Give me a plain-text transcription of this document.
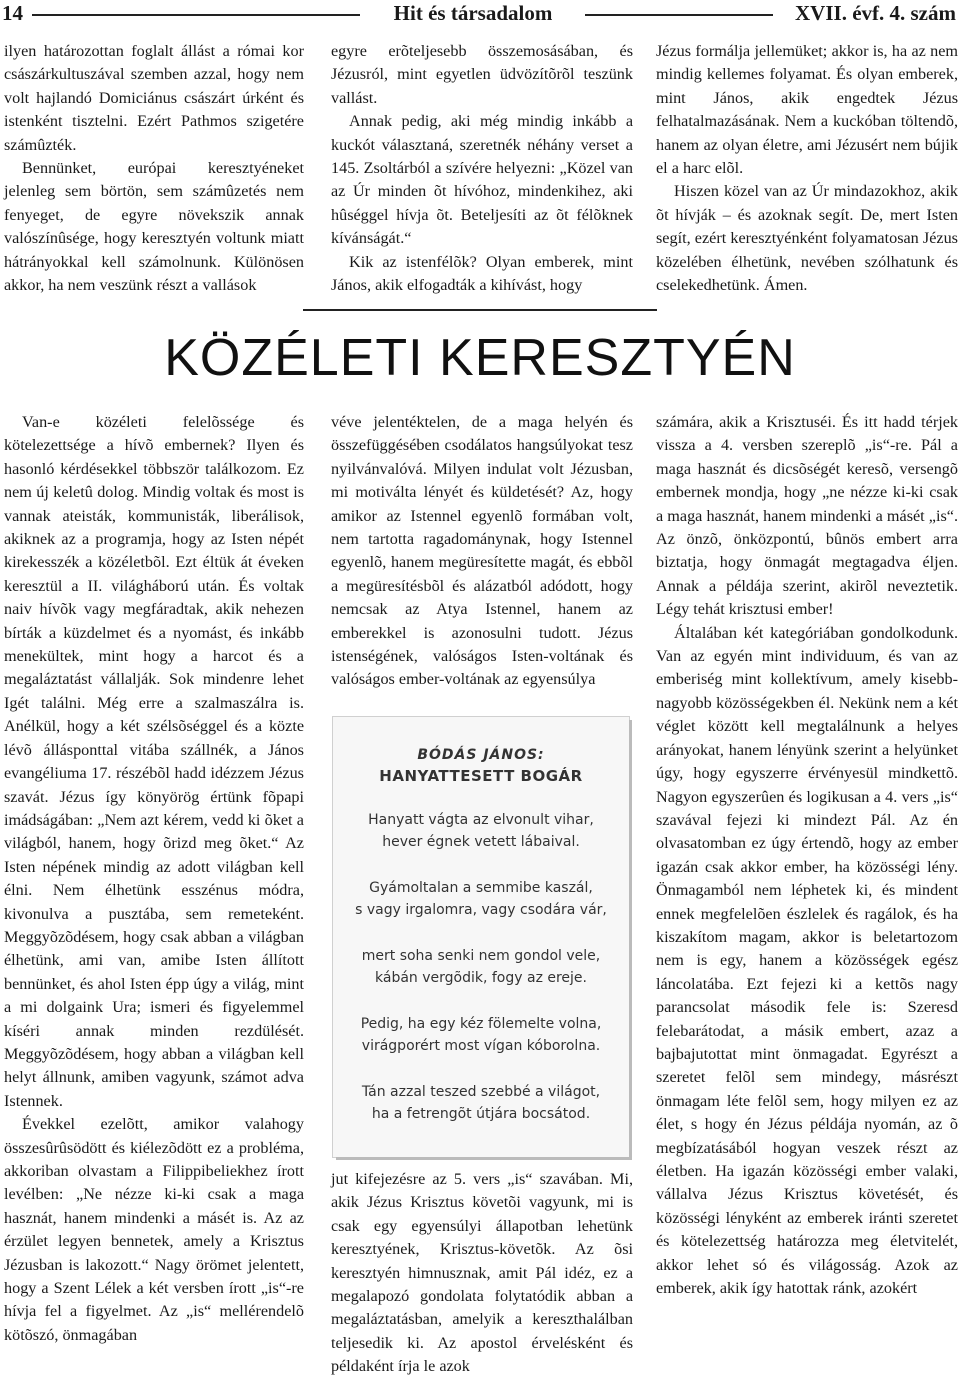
14	Hit és társadalom	XVII. évf. 4. szám

ilyen határozottan foglalt állást a római kor császárkultuszával szemben azzal, hogy nem volt hajlandó Domiciánus császárt úrként és istenként tisztelni. Ezért Pathmos szigetére számûzték.

Bennünket, európai keresztyéneket jelenleg sem börtön, sem számûzetés nem fenyeget, de egyre növekszik annak valószínûsége, hogy keresztyén voltunk miatt hátrányokkal kell számolnunk. Különösen akkor, ha nem veszünk részt a vallások

egyre erõteljesebb összemosásában, és Jézusról, mint egyetlen üdvözítõrõl teszünk vallást.

Annak pedig, aki még mindig inkább a kuckót választaná, szeretnék néhány verset a 145. Zsoltárból a szívére helyezni: „Közel van az Úr minden õt hívóhoz, mindenkihez, aki hûséggel hívja õt. Beteljesíti az õt félõknek kívánságát.“

Kik az istenfélõk? Olyan emberek, mint János, akik elfogadták a kihívást, hogy

Jézus formálja jellemüket; akkor is, ha az nem mindig kellemes folyamat. És olyan emberek, mint János, akik engedtek Jézus felhatalmazásának. Nem a kuckóban töltendõ, hanem az olyan életre, ami Jézusért nem bújik el a harc elõl.

Hiszen közel van az Úr mindazokhoz, akik õt hívják – és azoknak segít. De, mert Isten segít, ezért keresztyénként folyamatosan Jézus közelében élhetünk, nevében szólhatunk és cselekedhetünk. Ámen.

KÖZÉLETI KERESZTYÉN

Van-e közéleti felelõssége és kötelezettsége a hívõ embernek? Ilyen és hasonló kérdésekkel többször találkozom. Ez nem új keletû dolog. Mindig voltak és most is vannak ateisták, kommunisták, liberálisok, akiknek az a programja, hogy az Isten népét kirekesszék a közéletbõl. Ezt éltük át éveken keresztül a II. világháború után. És voltak naiv hívõk vagy megfáradtak, akik nehezen bírták a küzdelmet és a nyomást, és inkább menekültek, mint hogy a harcot és a megaláztatást vállalják. Sok mindenre lehet Igét találni. Még erre a szalmaszálra is. Anélkül, hogy a két szélsõséggel és a közte lévõ állásponttal vitába szállnék, a János evangéliuma 17. részébõl hadd idézzem Jézus szavát. Jézus így könyörög értünk fõpapi imádságában: „Nem azt kérem, vedd ki õket a világból, hanem, hogy õrizd meg õket.“ Az Isten népének mindig az adott világban kell élni. Nem élhetünk esszénus módra, kivonulva a pusztába, sem remeteként. Meggyõzõdésem, hogy csak abban a világban élhetünk, ami van, amibe Isten állított bennünket, és ahol Isten épp úgy a világ, mint a mi dolgaink Ura; ismeri és figyelemmel kíséri annak minden rezdülését. Meggyõzõdésem, hogy abban a világban kell helyt állnunk, amiben vagyunk, számot adva Istennek.

Évekkel ezelõtt, amikor valahogy összesûrûsödött és kiélezõdött ez a probléma, akkoriban olvastam a Filippibeliekhez írott levélben: „Ne nézze ki-ki csak a maga hasznát, hanem mindenki a másét is. Az az érzület legyen bennetek, amely a Krisztus Jézusban is lakozott.“ Nagy örömet jelentett, hogy a Szent Lélek a két versben írott „is“-re hívja fel a figyelmet. Az „is“ mellérendelõ kötõszó, önmagában

véve jelentéktelen, de a maga helyén és összefüggésében csodálatos hangsúlyokat tesz nyilvánvalóvá. Milyen indulat volt Jézusban, mi motiválta lényét és küldetését? Az, hogy amikor az Istennel egyenlõ formában volt, nem tartotta ragadománynak, hogy Istennel egyenlõ, hanem megüresítette magát, és ebbõl a megüresítésbõl és alázatból adódott, hogy nemcsak az Atya Istennel, hanem az emberekkel is azonosulni tudott. Jézus istenségének, valóságos Isten-voltának és valóságos ember-voltának az egyensúlya

BÓDÁS JÁNOS:
HANYATTESETT BOGÁR
Hanyatt vágta az elvonult vihar,
hever égnek vetett lábaival.
Gyámoltalan a semmibe kaszál,
s vagy irgalomra, vagy csodára vár,
mert soha senki nem gondol vele,
kábán vergõdik, fogy az ereje.
Pedig, ha egy kéz fölemelte volna,
virágporért most vígan kóborolna.
Tán azzal teszed szebbé a világot,
ha a fetrengõt útjára bocsátod.

jut kifejezésre az 5. vers „is“ szavában. Mi, akik Jézus Krisztus követõi vagyunk, mi is csak egy egyensúlyi állapotban lehetünk keresztyének, Krisztus-követõk. Az õsi keresztyén himnusznak, amit Pál idéz, ez a megalapozó gondolata folytatódik abban a megaláztatásban, amelyik a kereszthalálban teljesedik ki. Az apostol érvelésként és példaként írja le azok

számára, akik a Krisztuséi. És itt hadd térjek vissza a 4. versben szereplõ „is“-re. Pál a maga hasznát és dicsõségét keresõ, versengõ embernek mondja, hogy „ne nézze ki-ki csak a maga hasznát, hanem mindenki a másét „is“. Az önzõ, önközpontú, bûnös embert arra biztatja, hogy önmagát megtagadva éljen. Annak a példája szerint, akirõl neveztetik. Légy tehát krisztusi ember!

Általában két kategóriában gondolkodunk. Van az egyén mint individuum, és van az emberiség mint kollektívum, amely kisebb-nagyobb közösségekben él. Nekünk nem a két véglet között kell megtalálnunk a helyes arányokat, hanem lényünk szerint a helyünket úgy, hogy egyszerre érvényesül mindkettõ. Nagyon egyszerûen és logikusan a 4. vers „is“ szavával fejezi ki mindezt Pál. Az én olvasatomban ez úgy értendõ, hogy az ember igazán csak akkor ember, ha közösségi lény. Önmagamból nem léphetek ki, és mindent ennek megfelelõen észlelek és ragálok, és ha kiszakítom magam, akkor is beletartozom nem is egy, hanem a közösségek egész láncolatába. Ezt fejezi ki a kettõs nagy parancsolat második fele is: Szeresd felebarátodat, a másik embert, azaz a bajbajutottat mint önmagadat. Egyrészt a szeretet felõl sem mindegy, másrészt önmagam léte felõl sem, hogy milyen ez az élet, s hogy én Jézus példája nyomán, az õ megbízatásából hogyan veszek részt az életben. Ha igazán közösségi ember valaki, vállalva Jézus Krisztus követését, és közösségi lényként az emberek iránti szeretet és kötelezettség határozza meg életvitelét, akkor lehet só és világosság. Azok az emberek, akik így hatottak ránk, azokért
